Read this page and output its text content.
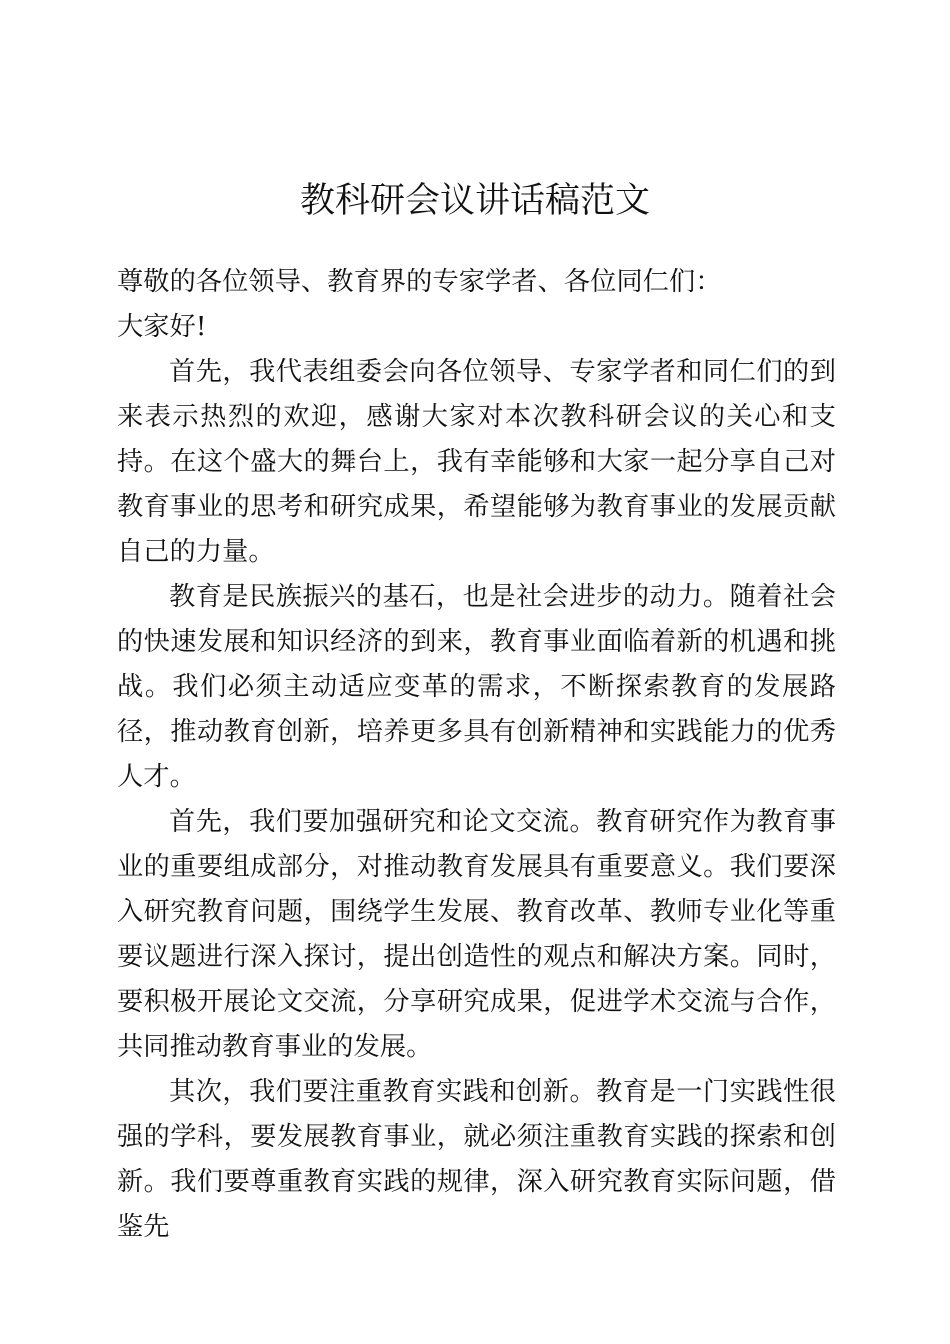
教科研会议讲话稿范文

尊敬的各位领导、教育界的专家学者、各位同仁们：

大家好!

首先，我代表组委会向各位领导、专家学者和同仁们的到来表示热烈的欢迎，感谢大家对本次教科研会议的关心和支持。在这个盛大的舞台上，我有幸能够和大家一起分享自己对教育事业的思考和研究成果，希望能够为教育事业的发展贡献自己的力量。

教育是民族振兴的基石，也是社会进步的动力。随着社会的快速发展和知识经济的到来，教育事业面临着新的机遇和挑战。我们必须主动适应变革的需求，不断探索教育的发展路径，推动教育创新，培养更多具有创新精神和实践能力的优秀人才。

首先，我们要加强研究和论文交流。教育研究作为教育事业的重要组成部分，对推动教育发展具有重要意义。我们要深入研究教育问题，围绕学生发展、教育改革、教师专业化等重要议题进行深入探讨，提出创造性的观点和解决方案。同时，要积极开展论文交流，分享研究成果，促进学术交流与合作，共同推动教育事业的发展。

其次，我们要注重教育实践和创新。教育是一门实践性很强的学科，要发展教育事业，就必须注重教育实践的探索和创新。我们要尊重教育实践的规律，深入研究教育实际问题，借鉴先
